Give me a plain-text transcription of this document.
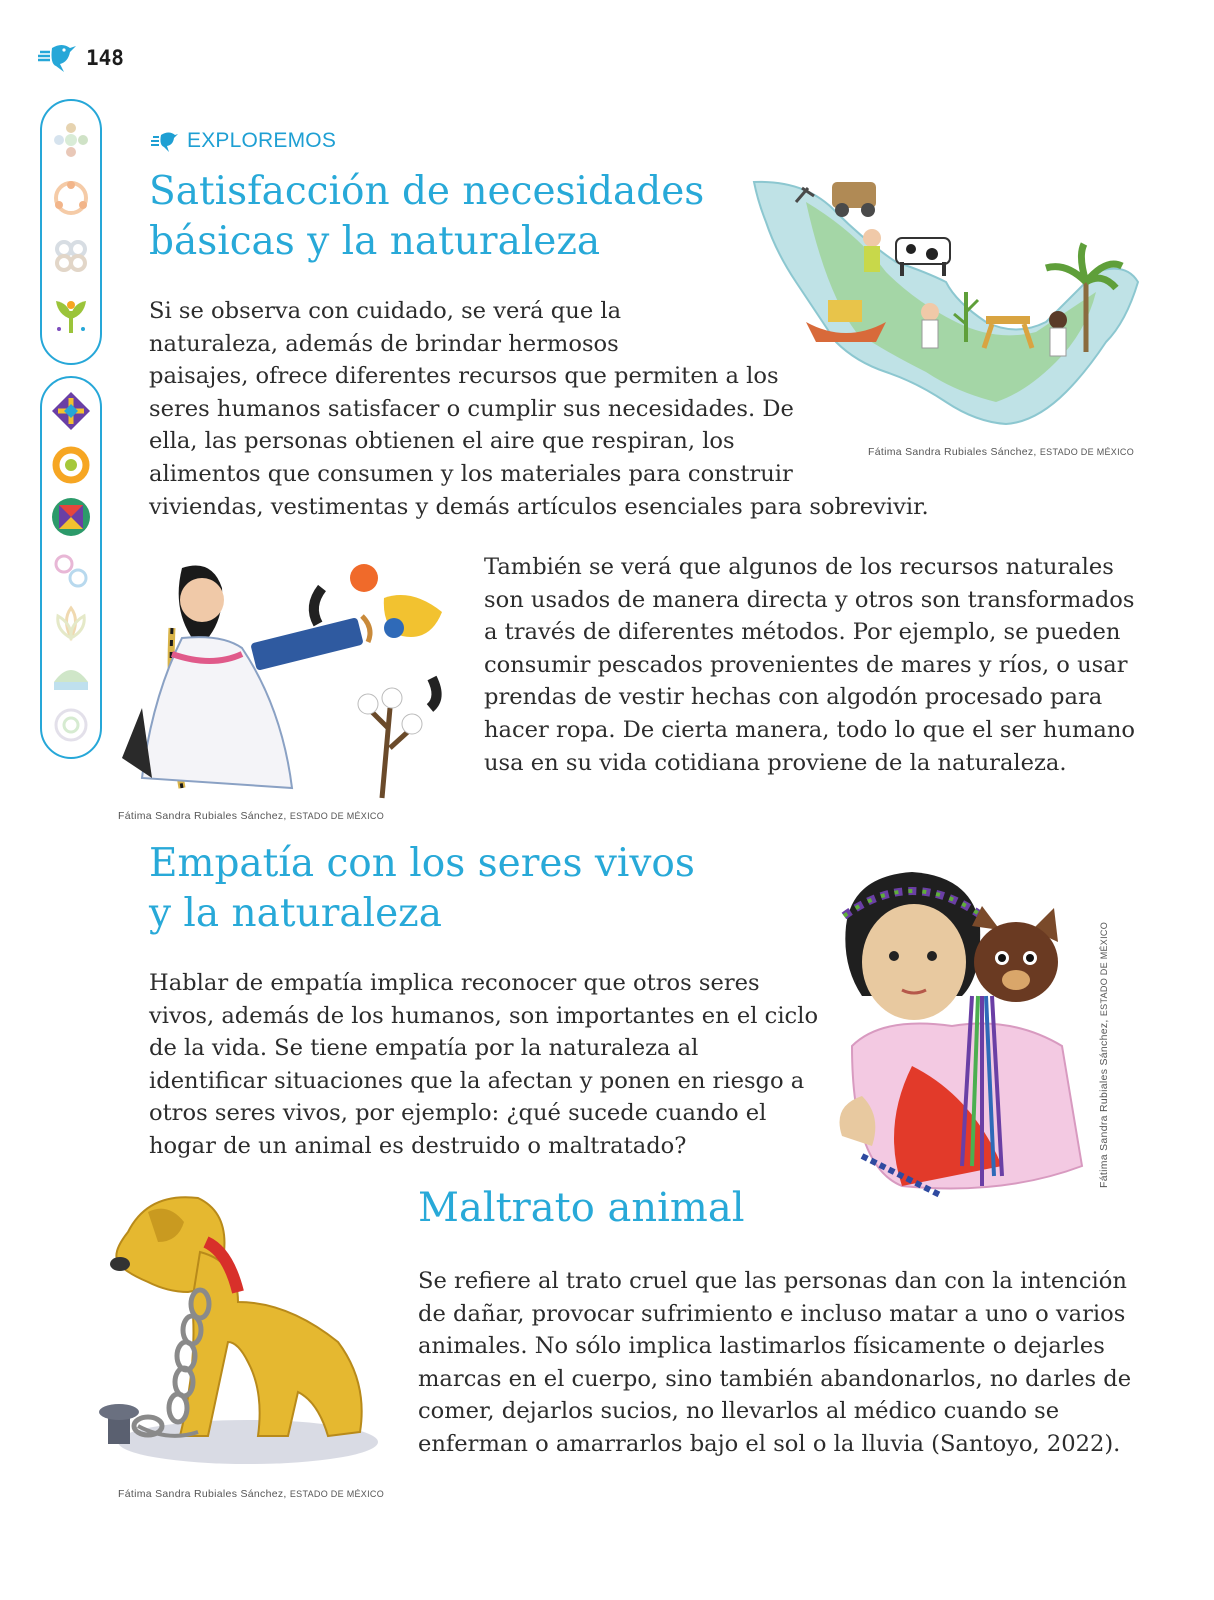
148
EXPLOREMOS
Satisfacción de necesidades
básicas y la naturaleza

Si se observa con cuidado, se verá que la
naturaleza, además de brindar hermosos
paisajes, ofrece diferentes recursos que permiten a los
seres humanos satisfacer o cumplir sus necesidades. De
ella, las personas obtienen el aire que respiran, los
alimentos que consumen y los materiales para construir
viviendas, vestimentas y demás artículos esenciales para sobrevivir.

Fátima Sandra Rubiales Sánchez, ESTADO DE MÉXICO
Fátima Sandra Rubiales Sánchez, ESTADO DE MÉXICO

También se verá que algunos de los recursos naturales son usados de manera directa y otros son transformados a través de diferentes métodos. Por ejemplo, se pueden consumir pescados provenientes de mares y ríos, o usar prendas de vestir hechas con algodón procesado para hacer ropa. De cierta manera, todo lo que el ser humano usa en su vida cotidiana proviene de la naturaleza.

Empatía con los seres vivos
y la naturaleza

Hablar de empatía implica reconocer que otros seres
vivos, además de los humanos, son importantes en el ciclo
de la vida. Se tiene empatía por la naturaleza al
identificar situaciones que la afectan y ponen en riesgo a
otros seres vivos, por ejemplo: ¿qué sucede cuando el
hogar de un animal es destruido o maltratado?	Fátima Sandra Rubiales Sánchez, ESTADO DE MÉXICO
Maltrato animal
Fátima Sandra Rubiales Sánchez, ESTADO DE MÉXICO

Se refiere al trato cruel que las personas dan con la intención de dañar, provocar sufrimiento e incluso matar a uno o varios animales. No sólo implica lastimarlos físicamente o dejarles marcas en el cuerpo, sino también abandonarlos, no darles de comer, dejarlos sucios, no llevarlos al médico cuando se enferman o amarrarlos bajo el sol o la lluvia (Santoyo, 2022).
